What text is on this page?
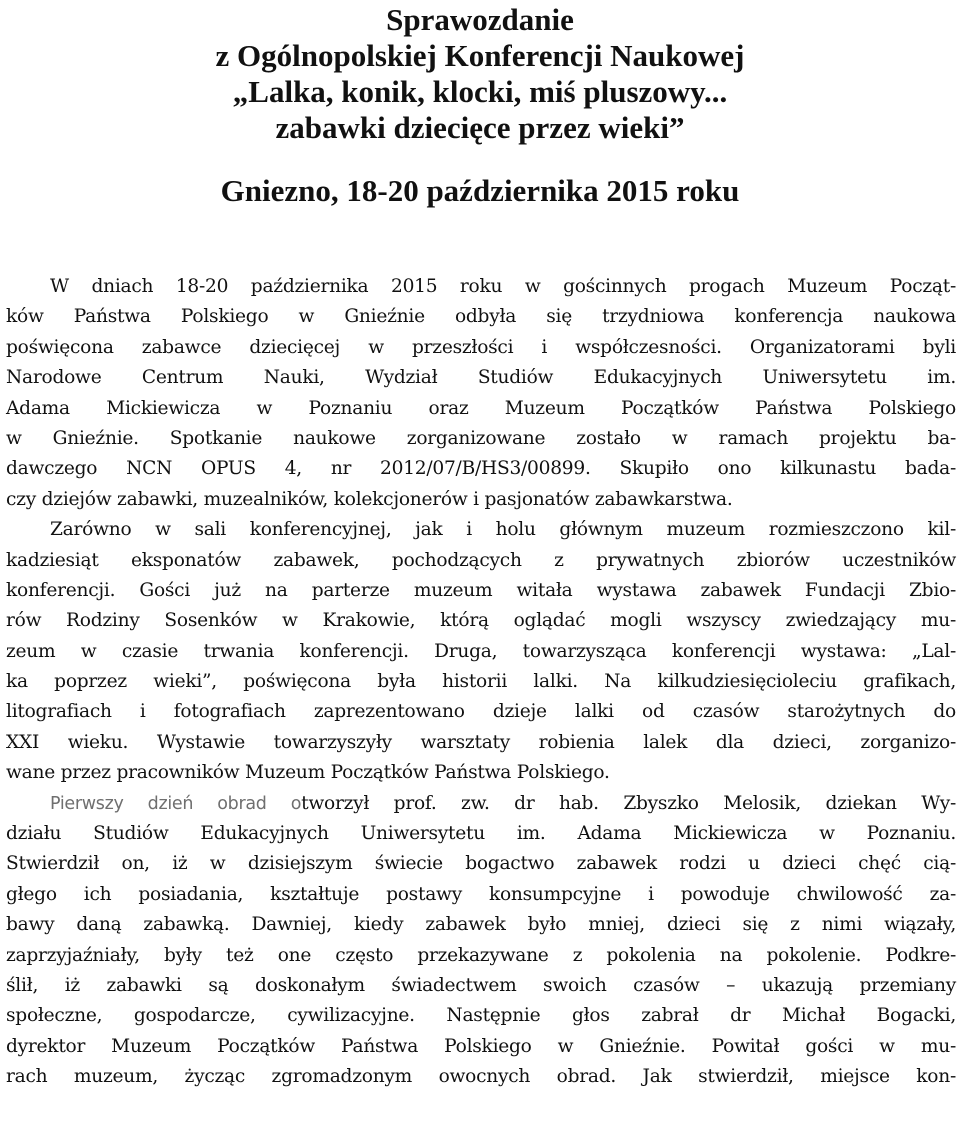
Sprawozdanie
z Ogólnopolskiej Konferencji Naukowej
„Lalka, konik, klocki, miś pluszowy...
zabawki dziecięce przez wieki”
Gniezno, 18-20 października 2015 roku
W dniach 18-20 października 2015 roku w gościnnych progach Muzeum Począt-
ków Państwa Polskiego w Gnieźnie odbyła się trzydniowa konferencja naukowa
poświęcona zabawce dziecięcej w przeszłości i współczesności. Organizatorami byli
Narodowe Centrum Nauki, Wydział Studiów Edukacyjnych Uniwersytetu im.
Adama Mickiewicza w Poznaniu oraz Muzeum Początków Państwa Polskiego
w Gnieźnie. Spotkanie naukowe zorganizowane zostało w ramach projektu ba-
dawczego NCN OPUS 4, nr 2012/07/B/HS3/00899. Skupiło ono kilkunastu bada-
czy dziejów zabawki, muzealników, kolekcjonerów i pasjonatów zabawkarstwa.
Zarówno w sali konferencyjnej, jak i holu głównym muzeum rozmieszczono kil-
kadziesiąt eksponatów zabawek, pochodzących z prywatnych zbiorów uczestników
konferencji. Gości już na parterze muzeum witała wystawa zabawek Fundacji Zbio-
rów Rodziny Sosenków w Krakowie, którą oglądać mogli wszyscy zwiedzający mu-
zeum w czasie trwania konferencji. Druga, towarzysząca konferencji wystawa: „Lal-
ka poprzez wieki”, poświęcona była historii lalki. Na kilkudziesięcioleciu grafikach,
litografiach i fotografiach zaprezentowano dzieje lalki od czasów starożytnych do
XXI wieku. Wystawie towarzyszyły warsztaty robienia lalek dla dzieci, zorganizo-
wane przez pracowników Muzeum Początków Państwa Polskiego.
Pierwszy dzień obrad otworzył prof. zw. dr hab. Zbyszko Melosik, dziekan Wy-
działu Studiów Edukacyjnych Uniwersytetu im. Adama Mickiewicza w Poznaniu.
Stwierdził on, iż w dzisiejszym świecie bogactwo zabawek rodzi u dzieci chęć cią-
głego ich posiadania, kształtuje postawy konsumpcyjne i powoduje chwilowość za-
bawy daną zabawką. Dawniej, kiedy zabawek było mniej, dzieci się z nimi wiązały,
zaprzyjaźniały, były też one często przekazywane z pokolenia na pokolenie. Podkre-
ślił, iż zabawki są doskonałym świadectwem swoich czasów – ukazują przemiany
społeczne, gospodarcze, cywilizacyjne. Następnie głos zabrał dr Michał Bogacki,
dyrektor Muzeum Początków Państwa Polskiego w Gnieźnie. Powitał gości w mu-
rach muzeum, życząc zgromadzonym owocnych obrad. Jak stwierdził, miejsce kon-
